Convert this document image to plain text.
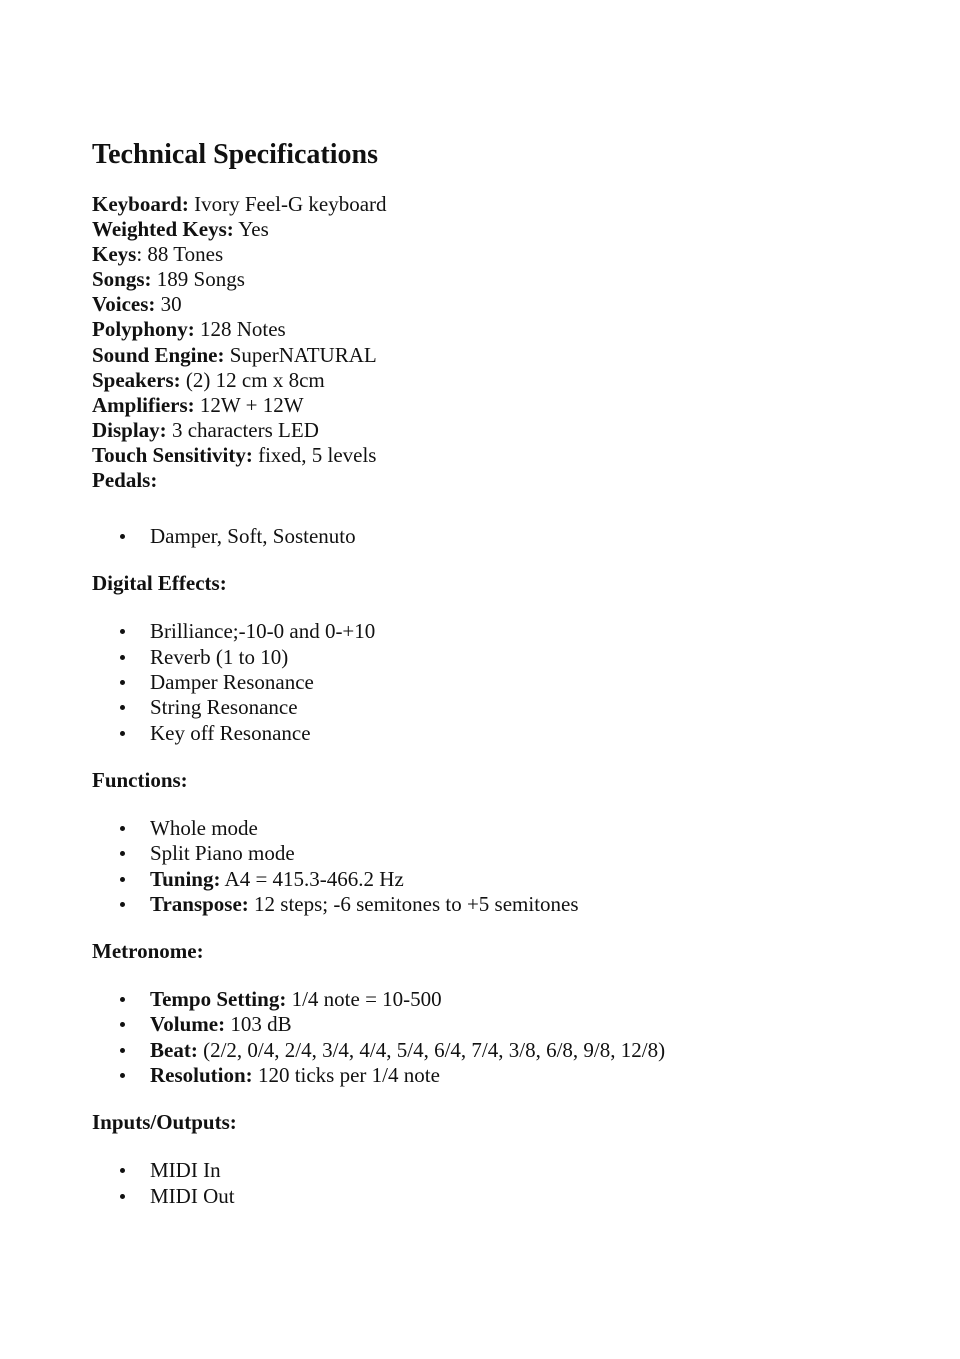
Technical Specifications
Keyboard: Ivory Feel-G keyboard
Weighted Keys: Yes
Keys: 88 Tones
Songs: 189 Songs
Voices: 30
Polyphony: 128 Notes
Sound Engine: SuperNATURAL
Speakers: (2) 12 cm x 8cm
Amplifiers: 12W + 12W
Display: 3 characters LED
Touch Sensitivity: fixed, 5 levels
Pedals:
Damper, Soft, Sostenuto
Digital Effects:
Brilliance;-10-0 and 0-+10
Reverb (1 to 10)
Damper Resonance
String Resonance
Key off Resonance
Functions:
Whole mode
Split Piano mode
Tuning: A4 = 415.3-466.2 Hz
Transpose: 12 steps; -6 semitones to +5 semitones
Metronome:
Tempo Setting: 1/4 note = 10-500
Volume: 103 dB
Beat: (2/2, 0/4, 2/4, 3/4, 4/4, 5/4, 6/4, 7/4, 3/8, 6/8, 9/8, 12/8)
Resolution: 120 ticks per 1/4 note
Inputs/Outputs:
MIDI In
MIDI Out
